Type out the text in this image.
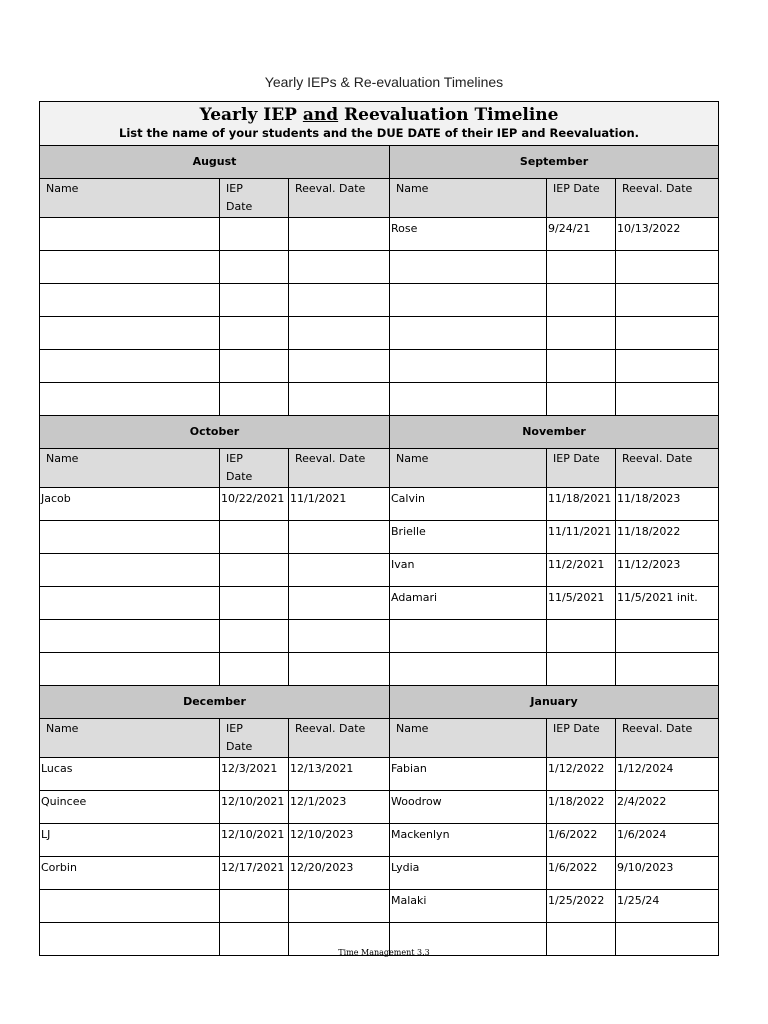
Yearly IEPs & Re-evaluation Timelines
Yearly IEP and Reevaluation Timeline
List the name of your students and the DUE DATE of their IEP and Reevaluation.					

August			September		

Name	IEP Date	Reeval. Date	Name	IEP Date	Reeval. Date

			Rose	9/24/21	10/13/2022

October			November		

Name	IEP Date	Reeval. Date	Name	IEP Date	Reeval. Date

Jacob	10/22/2021	11/1/2021	Calvin	11/18/2021	11/18/2023

			Brielle	11/11/2021	11/18/2022

			Ivan	11/2/2021	11/12/2023

			Adamari	11/5/2021	11/5/2021 init.

December			January		

Name	IEP Date	Reeval. Date	Name	IEP Date	Reeval. Date

Lucas	12/3/2021	12/13/2021	Fabian	1/12/2022	1/12/2024

Quincee	12/10/2021	12/1/2023	Woodrow	1/18/2022	2/4/2022

LJ	12/10/2021	12/10/2023	Mackenlyn	1/6/2022	1/6/2024

Corbin	12/17/2021	12/20/2023	Lydia	1/6/2022	9/10/2023

			Malaki	1/25/2022	1/25/24

Time Management 3.3
